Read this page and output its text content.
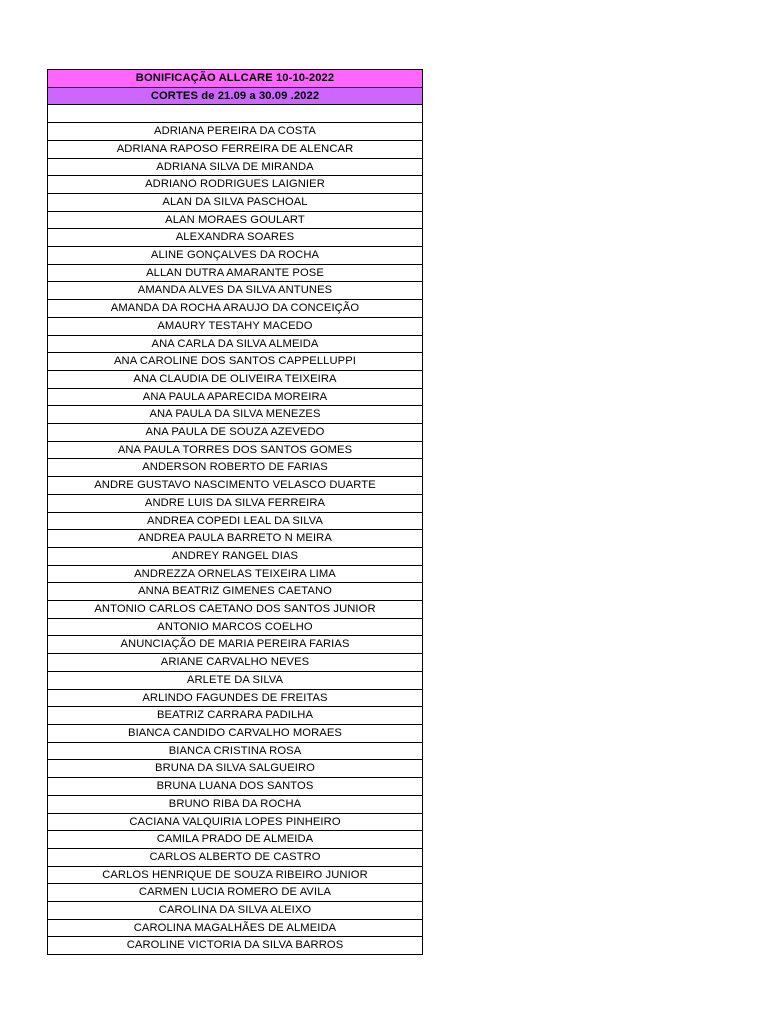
BONIFICAÇÃO ALLCARE 10-10-2022
CORTES de 21.09 a 30.09 .2022

ADRIANA PEREIRA DA COSTA
ADRIANA RAPOSO FERREIRA DE ALENCAR
ADRIANA SILVA DE MIRANDA
ADRIANO RODRIGUES LAIGNIER
ALAN DA SILVA PASCHOAL
ALAN MORAES GOULART
ALEXANDRA SOARES
ALINE GONÇALVES DA ROCHA
ALLAN DUTRA AMARANTE POSE
AMANDA ALVES DA SILVA ANTUNES
AMANDA DA ROCHA ARAUJO DA CONCEIÇÃO
AMAURY TESTAHY MACEDO
ANA CARLA DA SILVA ALMEIDA
ANA CAROLINE DOS SANTOS CAPPELLUPPI
ANA CLAUDIA DE OLIVEIRA TEIXEIRA
ANA PAULA APARECIDA MOREIRA
ANA PAULA DA SILVA MENEZES
ANA PAULA DE SOUZA AZEVEDO
ANA PAULA TORRES DOS SANTOS GOMES
ANDERSON ROBERTO DE FARIAS
ANDRE GUSTAVO NASCIMENTO VELASCO DUARTE
ANDRE LUIS DA SILVA FERREIRA
ANDREA COPEDI LEAL DA SILVA
ANDREA PAULA BARRETO N MEIRA
ANDREY RANGEL DIAS
ANDREZZA ORNELAS TEIXEIRA LIMA
ANNA BEATRIZ GIMENES CAETANO
ANTONIO CARLOS CAETANO DOS SANTOS JUNIOR
ANTONIO MARCOS COELHO
ANUNCIAÇÃO DE MARIA PEREIRA FARIAS
ARIANE CARVALHO NEVES
ARLETE DA SILVA
ARLINDO FAGUNDES DE FREITAS
BEATRIZ CARRARA PADILHA
BIANCA CANDIDO CARVALHO MORAES
BIANCA CRISTINA ROSA
BRUNA DA SILVA SALGUEIRO
BRUNA LUANA DOS SANTOS
BRUNO RIBA DA ROCHA
CACIANA VALQUIRIA LOPES PINHEIRO
CAMILA PRADO DE ALMEIDA
CARLOS ALBERTO DE CASTRO
CARLOS HENRIQUE DE SOUZA RIBEIRO JUNIOR
CARMEN LUCIA ROMERO DE AVILA
CAROLINA DA SILVA ALEIXO
CAROLINA MAGALHÃES DE ALMEIDA
CAROLINE VICTORIA DA SILVA BARROS
